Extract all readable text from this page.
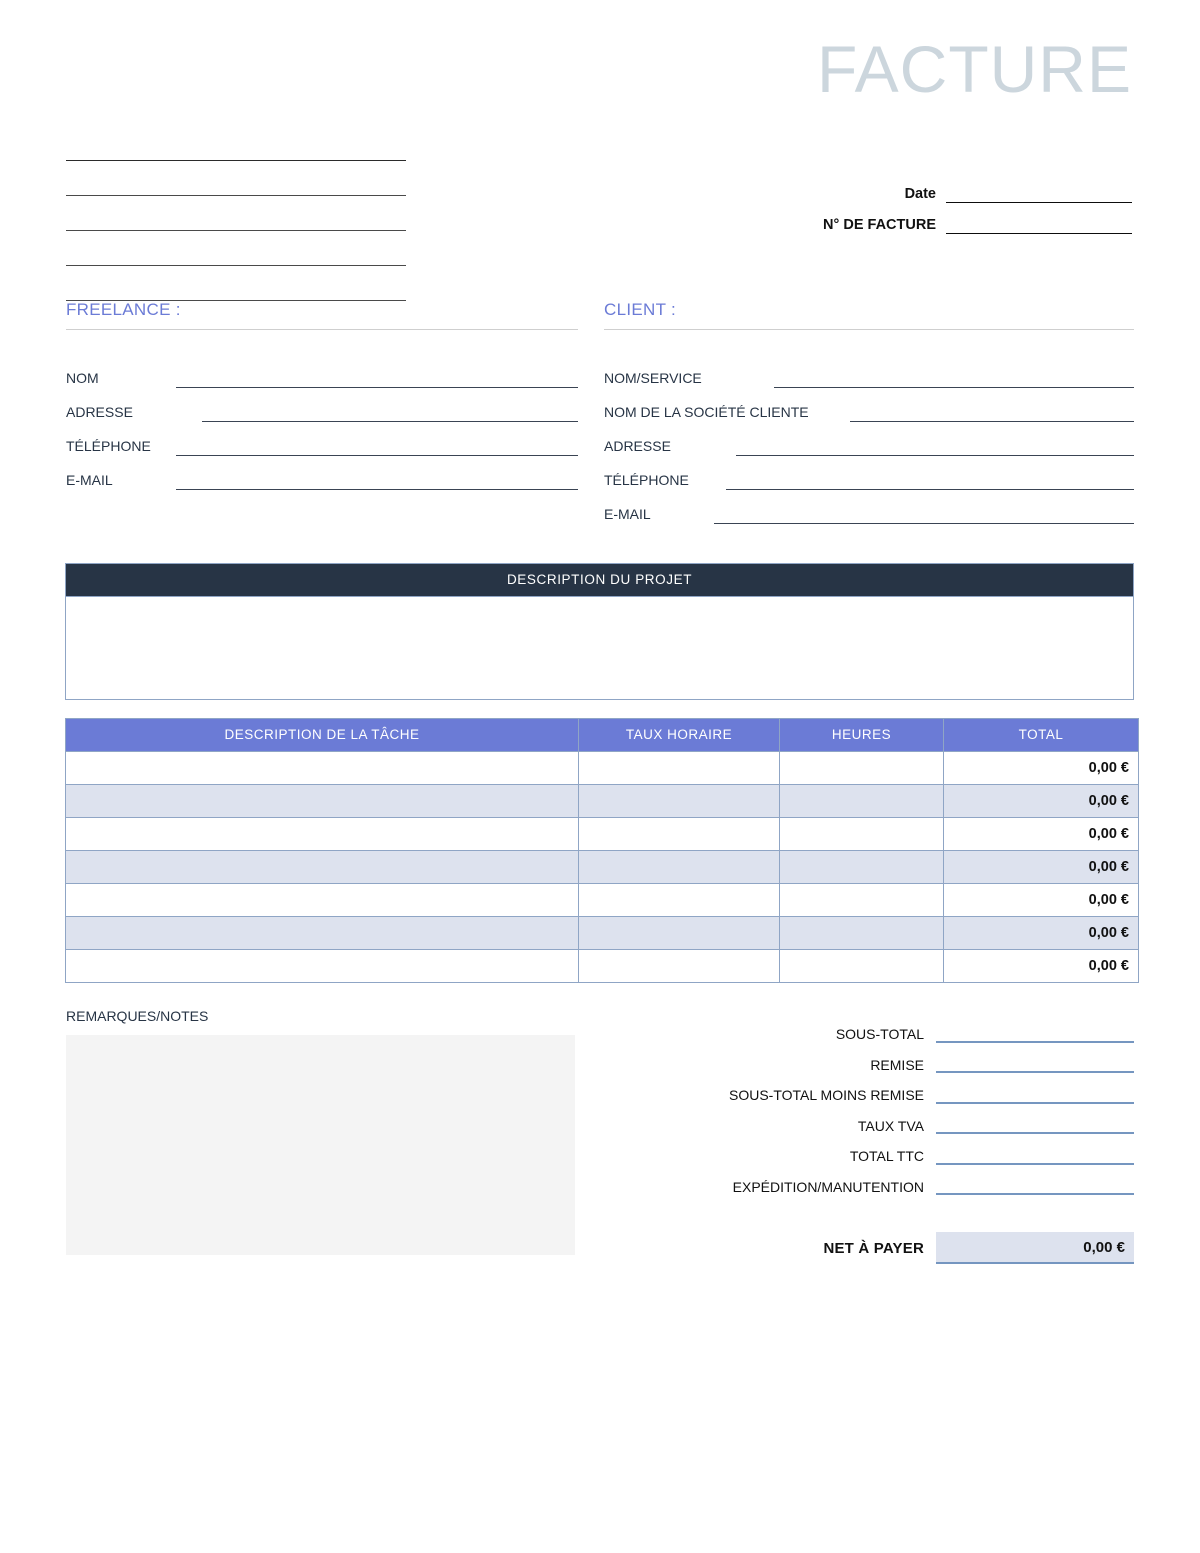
FACTURE
Date
N° DE FACTURE
FREELANCE :
NOM
ADRESSE
TÉLÉPHONE
E-MAIL
CLIENT :
NOM/SERVICE
NOM DE LA SOCIÉTÉ CLIENTE
ADRESSE
TÉLÉPHONE
E-MAIL
DESCRIPTION DU PROJET
DESCRIPTION DE LA TÂCHE	TAUX HORAIRE	HEURES	TOTAL
			0,00 €
			0,00 €
			0,00 €
			0,00 €
			0,00 €
			0,00 €
			0,00 €
REMARQUES/NOTES
SOUS-TOTAL
REMISE
SOUS-TOTAL MOINS REMISE
TAUX TVA
TOTAL TTC
EXPÉDITION/MANUTENTION
NET À PAYER	0,00 €
